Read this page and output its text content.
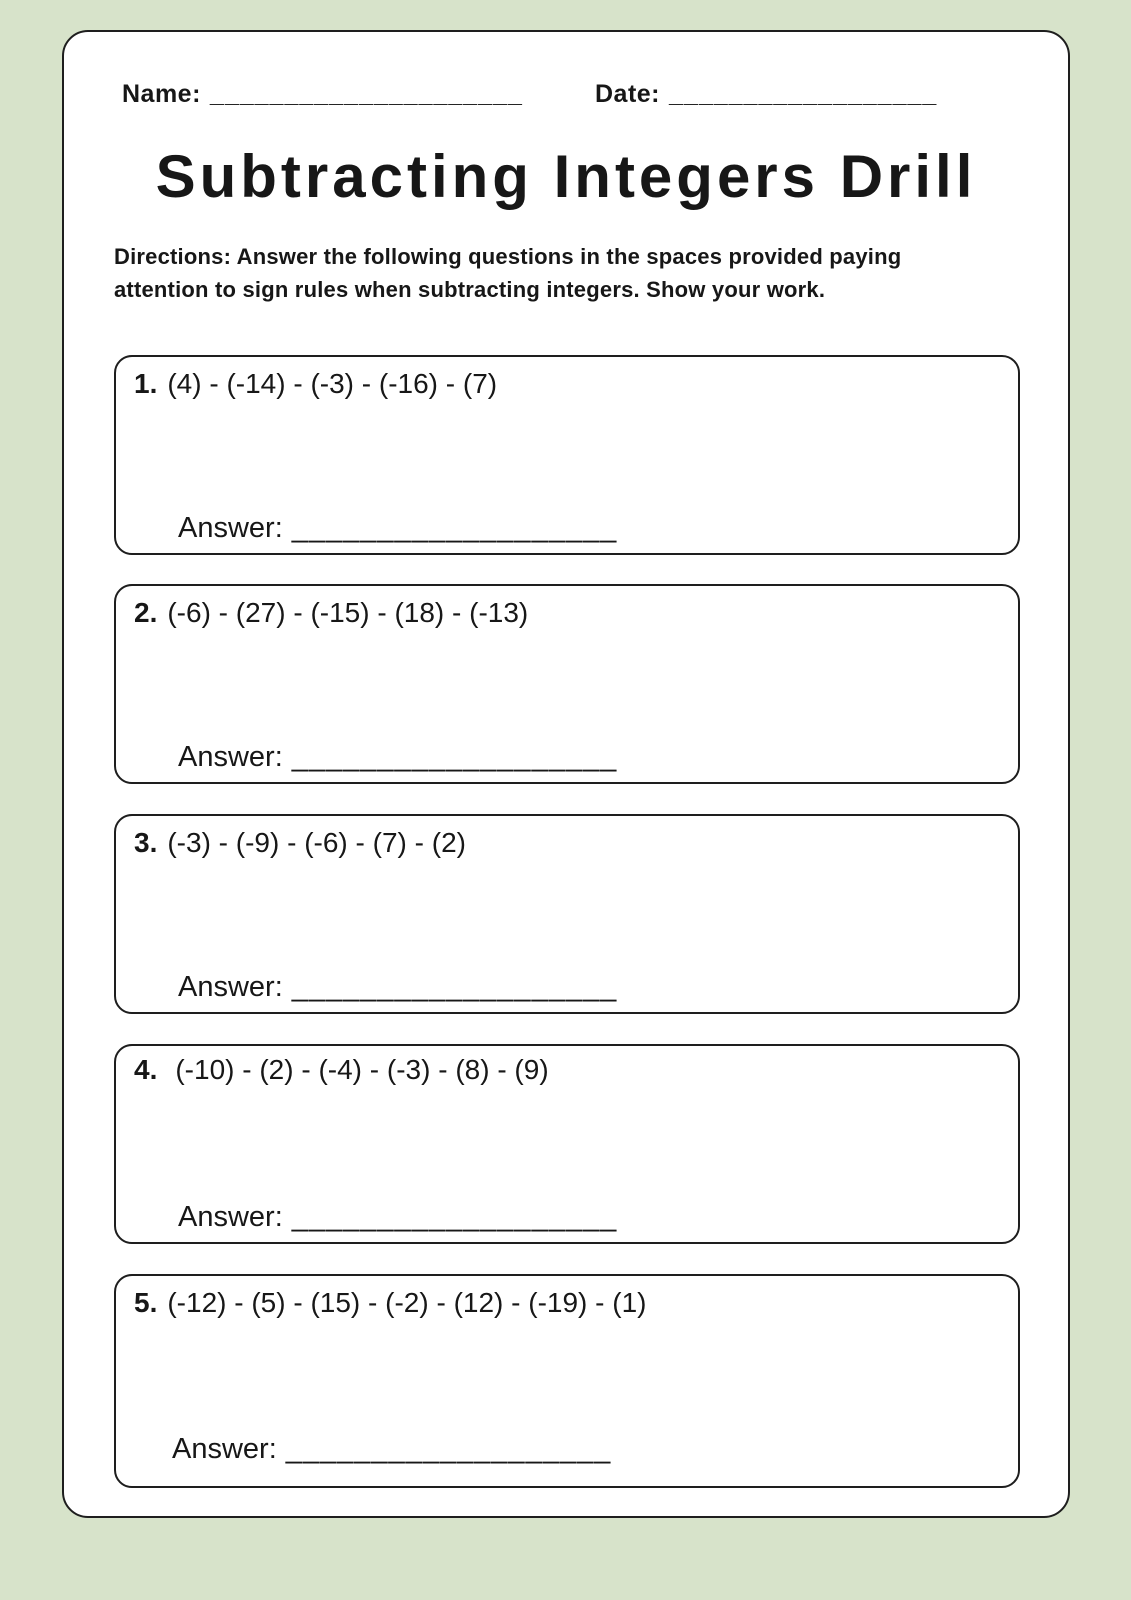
Name: _____________________	Date: __________________
Subtracting Integers Drill
Directions: Answer the following questions in the spaces provided paying
attention to sign rules when subtracting integers. Show your work.
1. (4) - (-14) - (-3) - (-16) - (7)
Answer: ___________________
2. (-6) - (27) - (-15) - (18) - (-13)
Answer: ___________________
3. (-3) - (-9) - (-6) - (7) - (2)
Answer: ___________________
4. (-10) - (2) - (-4) - (-3) - (8) - (9)
Answer: ___________________
5. (-12) - (5) - (15) - (-2) - (12) - (-19) - (1)
Answer: ___________________
